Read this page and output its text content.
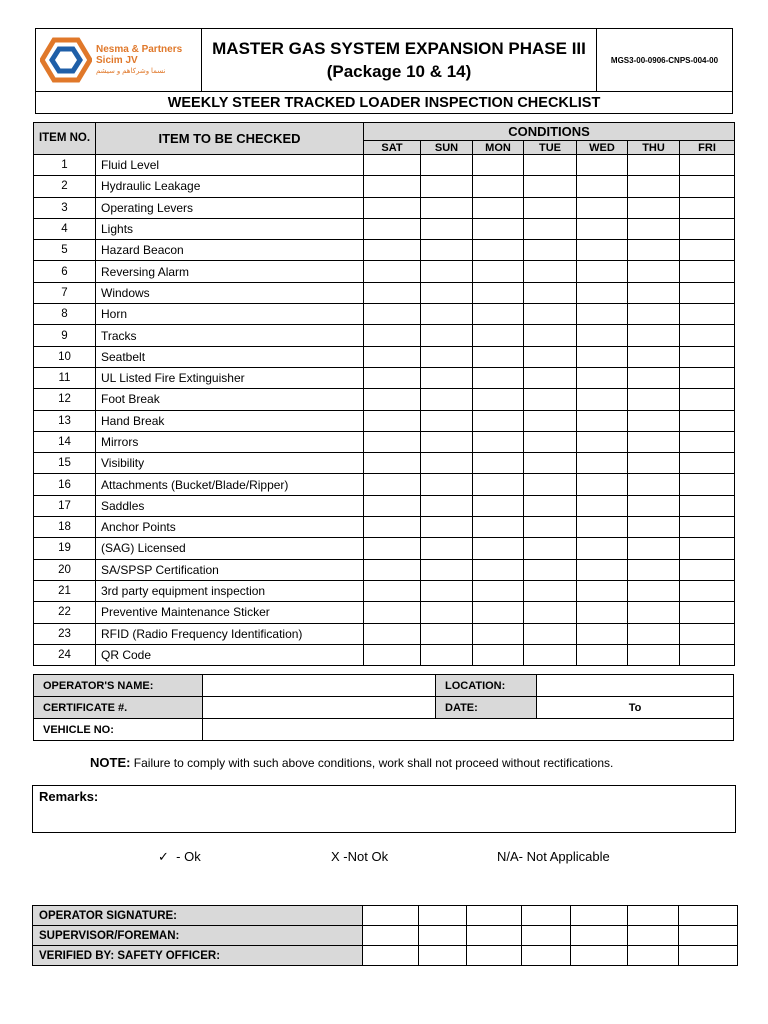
Nesma & Partners
Sicim JV
نسما وشركاهم و سيشم

MASTER GAS SYSTEM EXPANSION PHASE III
(Package 10 & 14)
	MGS3-00-0906-CNPS-004-00
WEEKLY STEER TRACKED LOADER INSPECTION CHECKLIST
ITEM NO.	ITEM TO BE CHECKED	CONDITIONS						
		SAT	SUN	MON	TUE	WED	THU	FRI
1	Fluid Level							
2	Hydraulic Leakage							
3	Operating Levers							
4	Lights							
5	Hazard Beacon							
6	Reversing Alarm							
7	Windows							
8	Horn							
9	Tracks							
10	Seatbelt							
11	UL Listed Fire Extinguisher							
12	Foot Break							
13	Hand Break							
14	Mirrors							
15	Visibility							
16	Attachments (Bucket/Blade/Ripper)							
17	Saddles							
18	Anchor Points							
19	(SAG) Licensed							
20	SA/SPSP Certification							
21	3rd party equipment inspection							
22	Preventive Maintenance Sticker							
23	RFID (Radio Frequency Identification)							
24	QR Code							
OPERATOR'S NAME:		LOCATION:	
CERTIFICATE #.		DATE:	To
VEHICLE NO:			
NOTE: Failure to comply with such above conditions, work shall not proceed without rectifications.
Remarks:
✓ - Ok	X -Not Ok	N/A- Not Applicable
OPERATOR SIGNATURE:							
SUPERVISOR/FOREMAN:							
VERIFIED BY: SAFETY OFFICER:							
